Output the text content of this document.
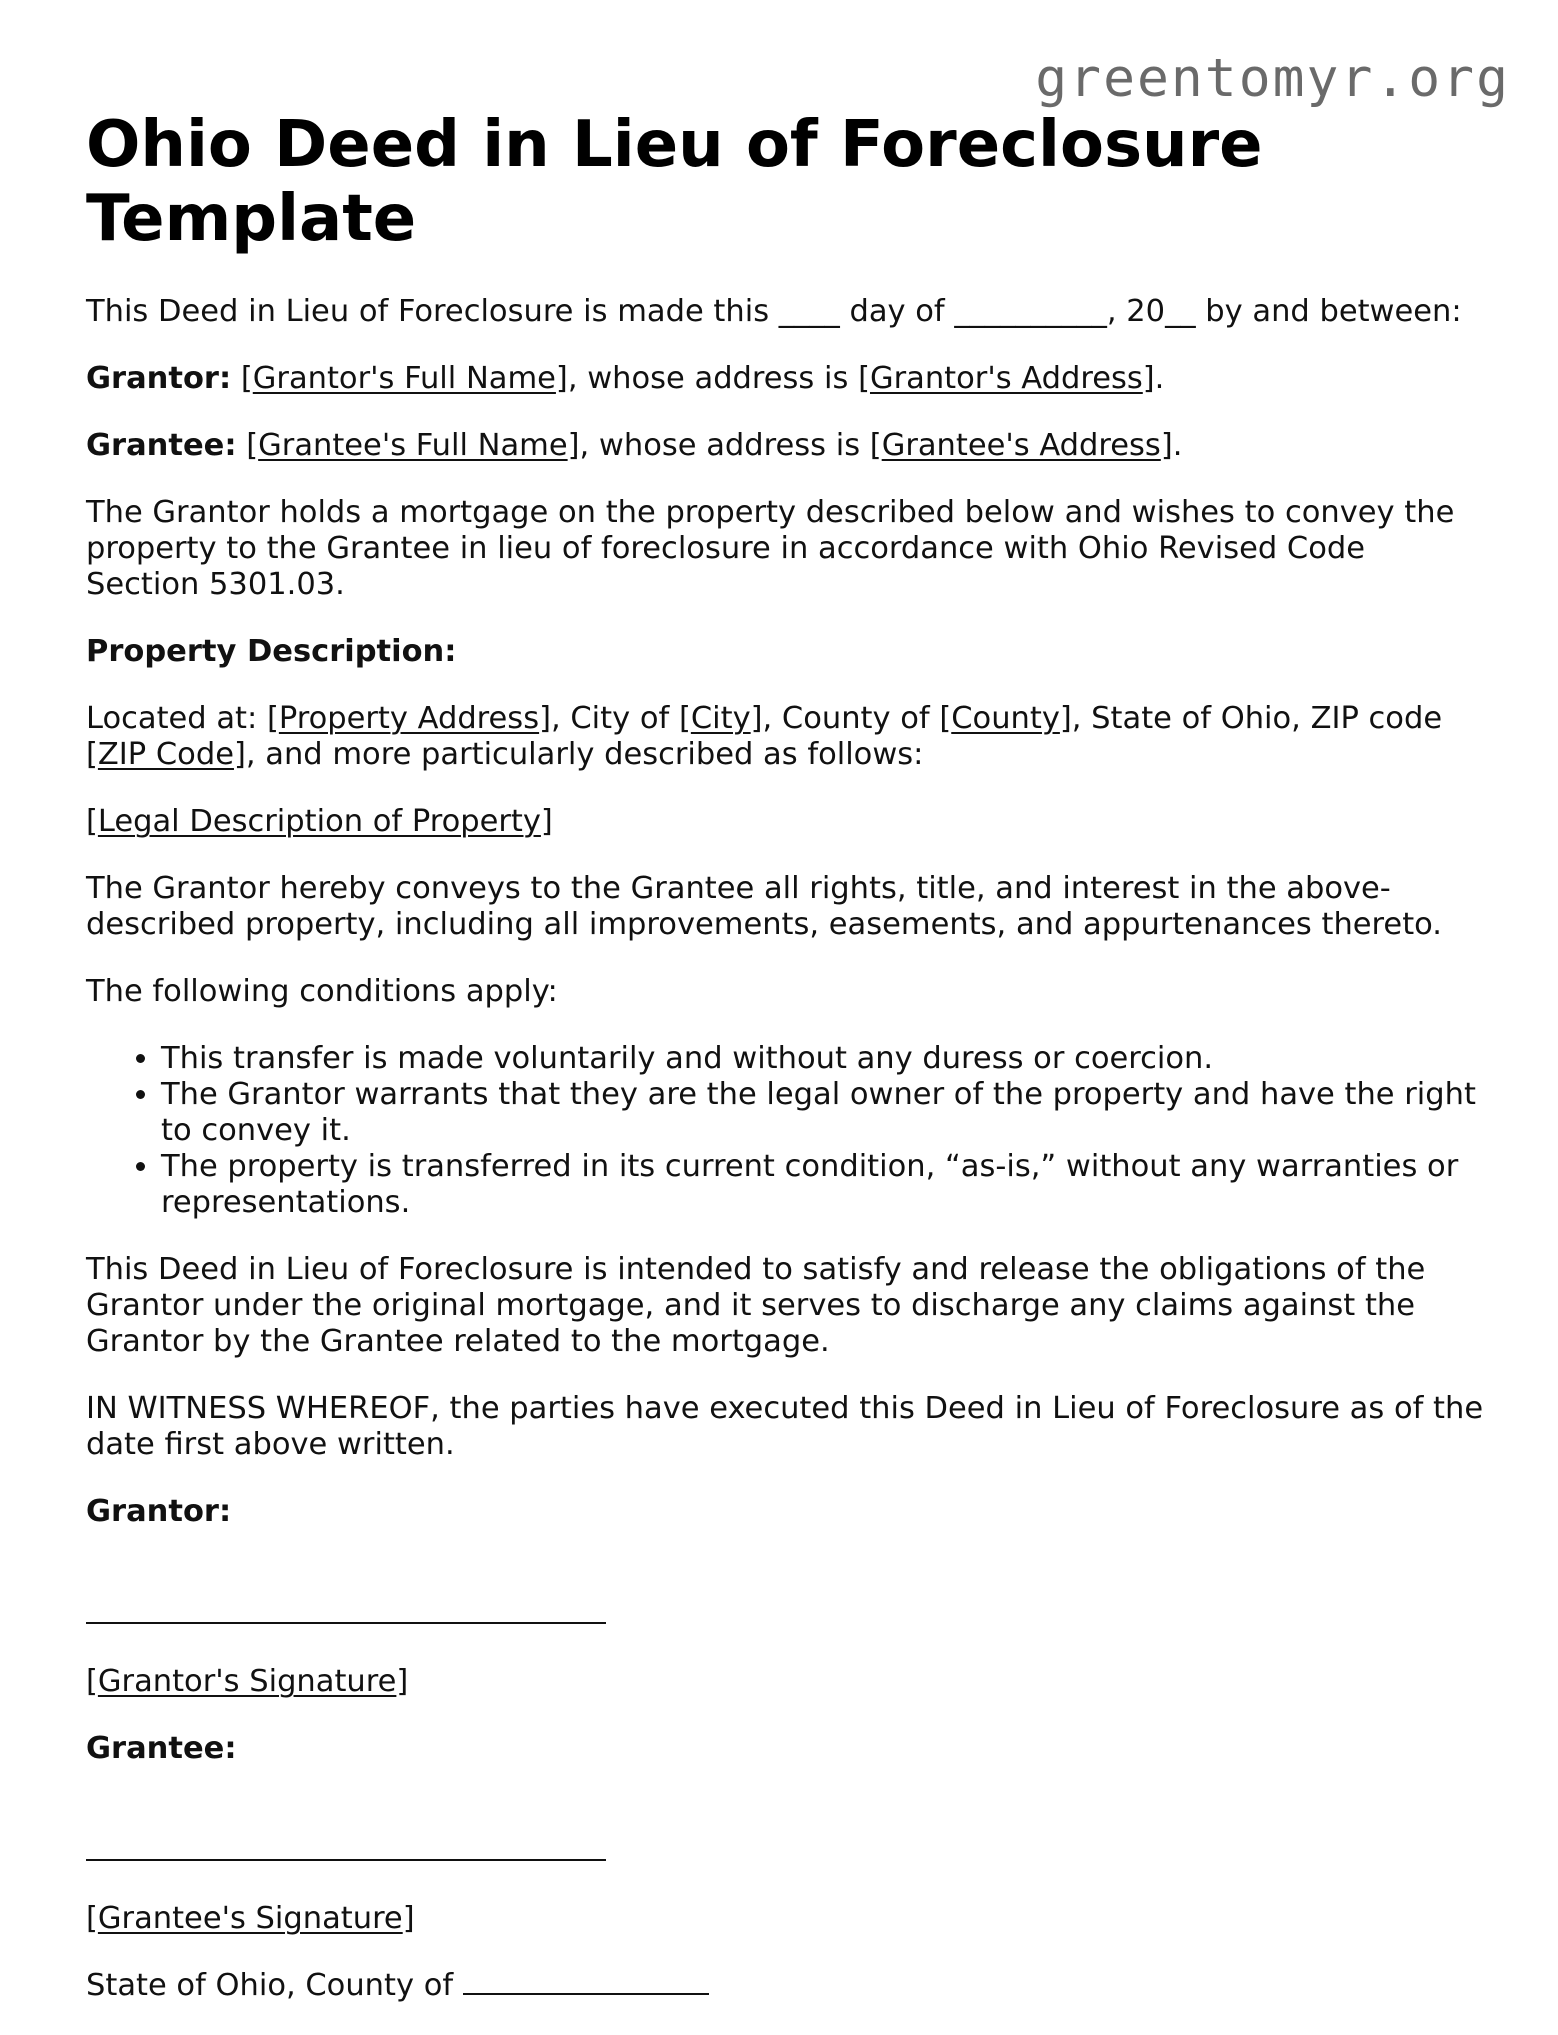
greentomyr.org
Ohio Deed in Lieu of Foreclosure Template

This Deed in Lieu of Foreclosure is made this ____ day of __________, 20__ by and between:

Grantor: [Grantor's Full Name], whose address is [Grantor's Address].

Grantee: [Grantee's Full Name], whose address is [Grantee's Address].

The Grantor holds a mortgage on the property described below and wishes to convey the property to the Grantee in lieu of foreclosure in accordance with Ohio Revised Code Section 5301.03.

Property Description:

Located at: [Property Address], City of [City], County of [County], State of Ohio, ZIP code [ZIP Code], and more particularly described as follows:

[Legal Description of Property]

The Grantor hereby conveys to the Grantee all rights, title, and interest in the above-described property, including all improvements, easements, and appurtenances thereto.

The following conditions apply:

• This transfer is made voluntarily and without any duress or coercion.
• The Grantor warrants that they are the legal owner of the property and have the right to convey it.
• The property is transferred in its current condition, “as-is,” without any warranties or representations.

This Deed in Lieu of Foreclosure is intended to satisfy and release the obligations of the Grantor under the original mortgage, and it serves to discharge any claims against the Grantor by the Grantee related to the mortgage.

IN WITNESS WHEREOF, the parties have executed this Deed in Lieu of Foreclosure as of the date first above written.

Grantor:

[Grantor's Signature]

Grantee:

[Grantee's Signature]

State of Ohio, County of
